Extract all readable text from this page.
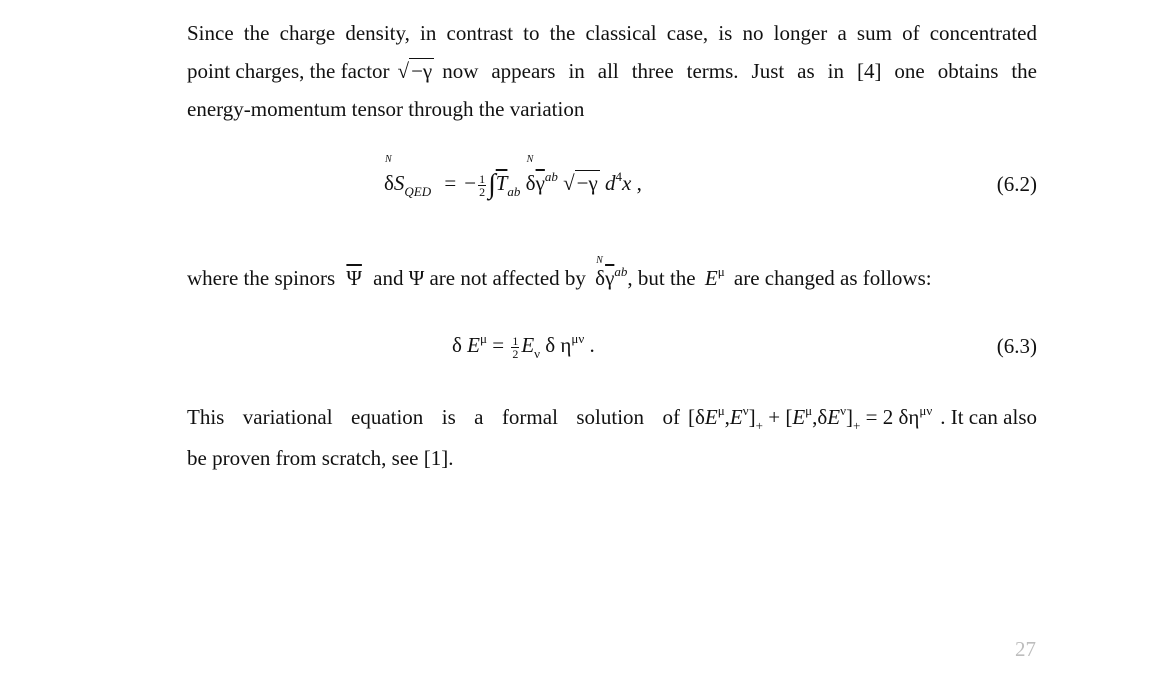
Since the charge density, in contrast to the classical case, is no longer a sum of concentrated
point charges, the factor √−γ now appears in all three terms. Just as in [4] one obtains the
energy-momentum tensor through the variation
N $\delta S_{QED}$ = − $\frac{1}{2} \int\overline{T}_{ab}$ N $\delta\overline{\gamma}^{ab}$ √−γ $d^4x$ ,	(6.2)
where the spinors $\overline{\Psi}$ and Ψ are not affected by N $\delta\overline{\gamma}^{ab}$, but the $E^\mu$ are changed as follows:
δ $E^\mu = \frac{1}{2} E_\nu$ δ $\eta^{\mu\nu}$ .	(6.3)
This variational equation is a formal solution of $[\delta E^\mu,E^\nu]_+ + [E^\mu,\delta E^\nu]_+ = 2$ $\delta\eta^{\mu\nu}$ . It can also
be proven from scratch, see [1].
27
